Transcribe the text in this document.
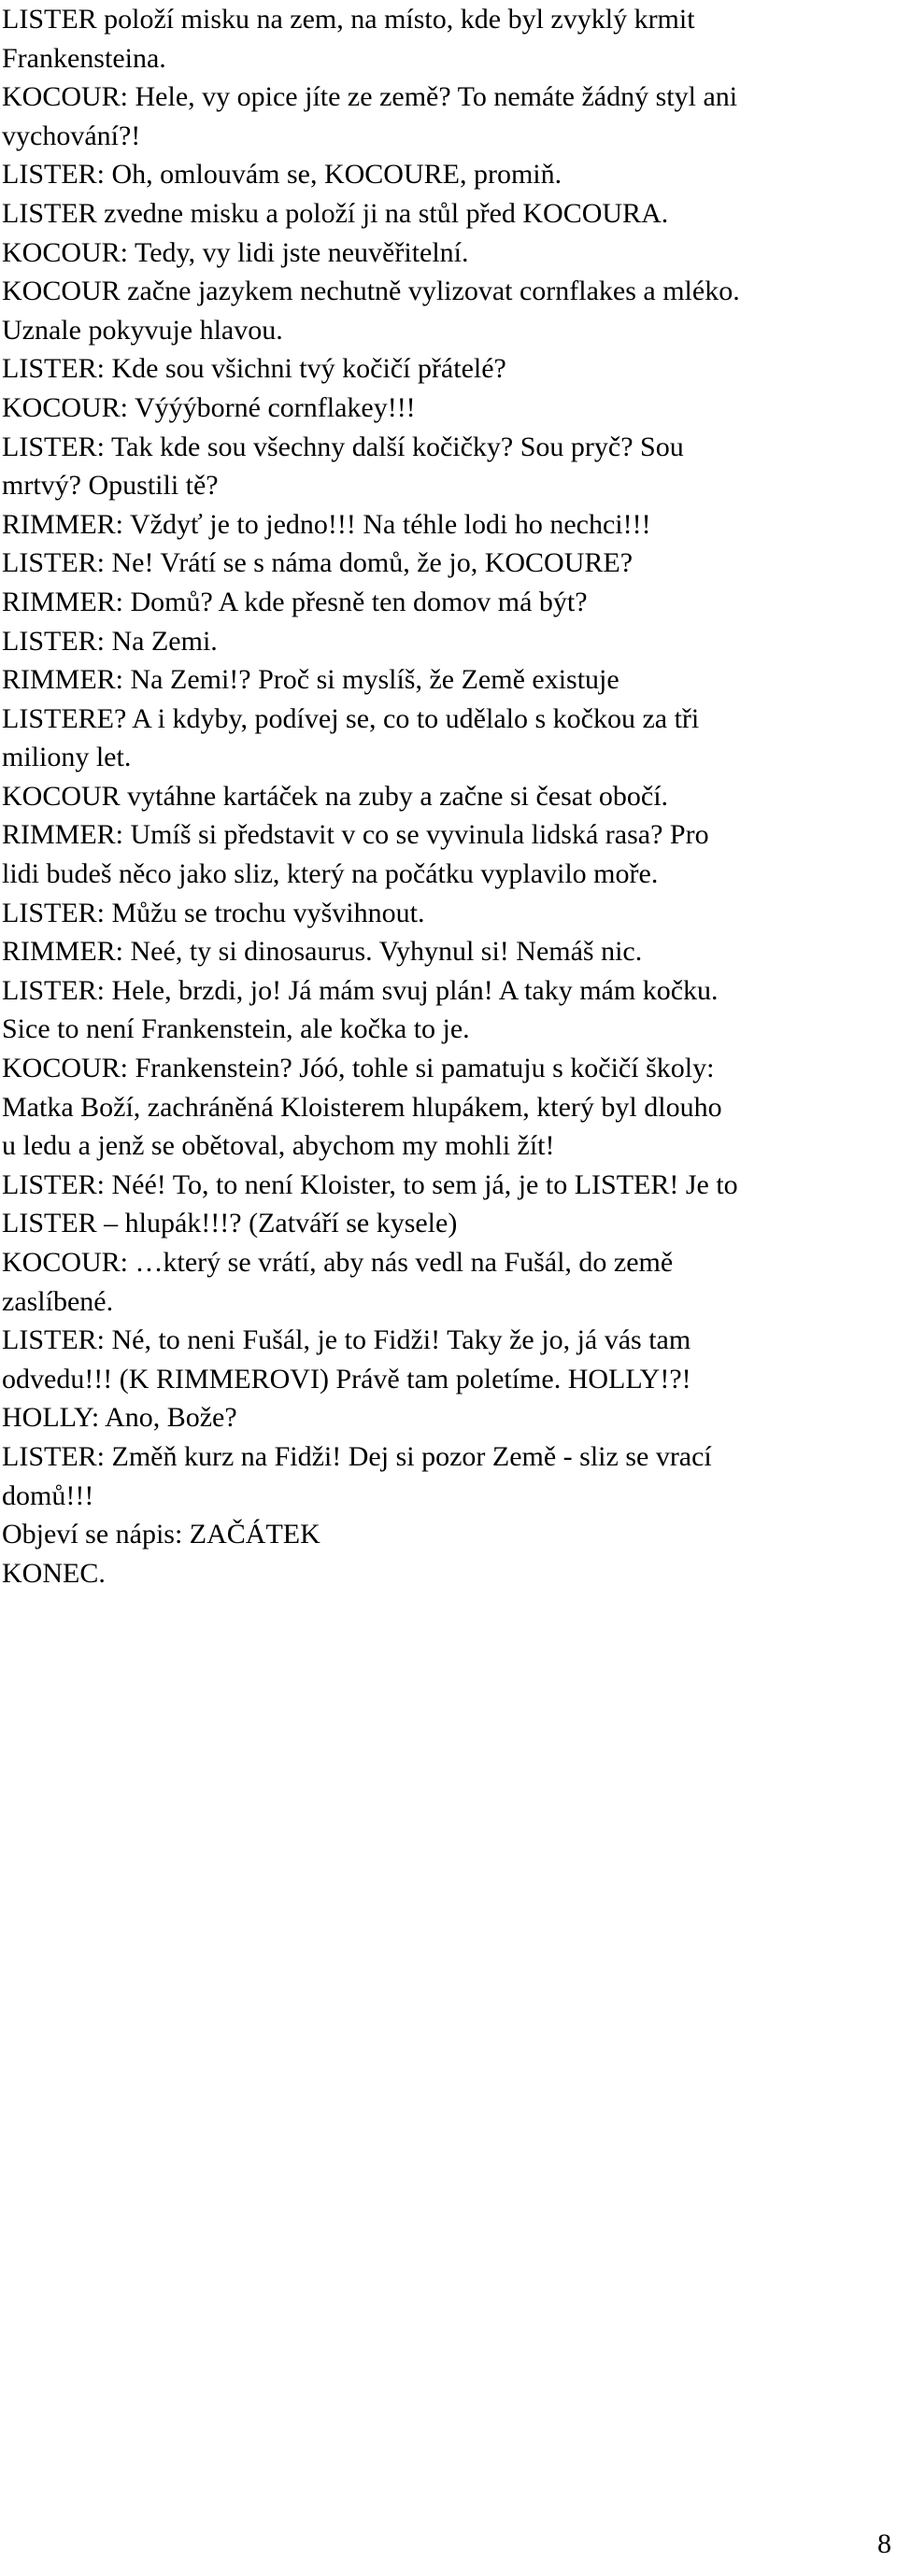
LISTER položí misku na zem, na místo, kde byl zvyklý krmit
Frankensteina.
KOCOUR: Hele, vy opice jíte ze země? To nemáte žádný styl ani
vychování?!
LISTER: Oh, omlouvám se, KOCOURE, promiň.
LISTER zvedne misku a položí ji na stůl před KOCOURA.
KOCOUR: Tedy, vy lidi jste neuvěřitelní.
KOCOUR začne jazykem nechutně vylizovat cornflakes a mléko.
Uznale pokyvuje hlavou.
LISTER: Kde sou všichni tvý kočičí přátelé?
KOCOUR: Výýýborné cornflakey!!!
LISTER: Tak kde sou všechny další kočičky? Sou pryč? Sou
mrtvý? Opustili tě?
RIMMER: Vždyť je to jedno!!! Na téhle lodi ho nechci!!!
LISTER: Ne! Vrátí se s náma domů, že jo, KOCOURE?
RIMMER: Domů? A kde přesně ten domov má být?
LISTER: Na Zemi.
RIMMER: Na Zemi!? Proč si myslíš, že Země existuje
LISTERE? A i kdyby, podívej se, co to udělalo s kočkou za tři
miliony let.
KOCOUR vytáhne kartáček na zuby a začne si česat obočí.
RIMMER: Umíš si představit v co se vyvinula lidská rasa? Pro
lidi budeš něco jako sliz, který na počátku vyplavilo moře.
LISTER: Můžu se trochu vyšvihnout.
RIMMER: Neé, ty si dinosaurus. Vyhynul si! Nemáš nic.
LISTER: Hele, brzdi, jo! Já mám svuj plán! A taky mám kočku.
Sice to není Frankenstein, ale kočka to je.
KOCOUR: Frankenstein? Jóó, tohle si pamatuju s kočičí školy:
Matka Boží, zachráněná Kloisterem hlupákem, který byl dlouho
u ledu a jenž se obětoval, abychom my mohli žít!
LISTER: Néé! To, to není Kloister, to sem já, je to LISTER! Je to
LISTER – hlupák!!!? (Zatváří se kysele)
KOCOUR: …který se vrátí, aby nás vedl na Fušál, do země
zaslíbené.
LISTER: Né, to neni Fušál, je to Fidži! Taky že jo, já vás tam
odvedu!!! (K RIMMEROVI) Právě tam poletíme. HOLLY!?!
HOLLY: Ano, Bože?
LISTER: Změň kurz na Fidži! Dej si pozor Země - sliz se vrací
domů!!!
Objeví se nápis: ZAČÁTEK
KONEC.
8
